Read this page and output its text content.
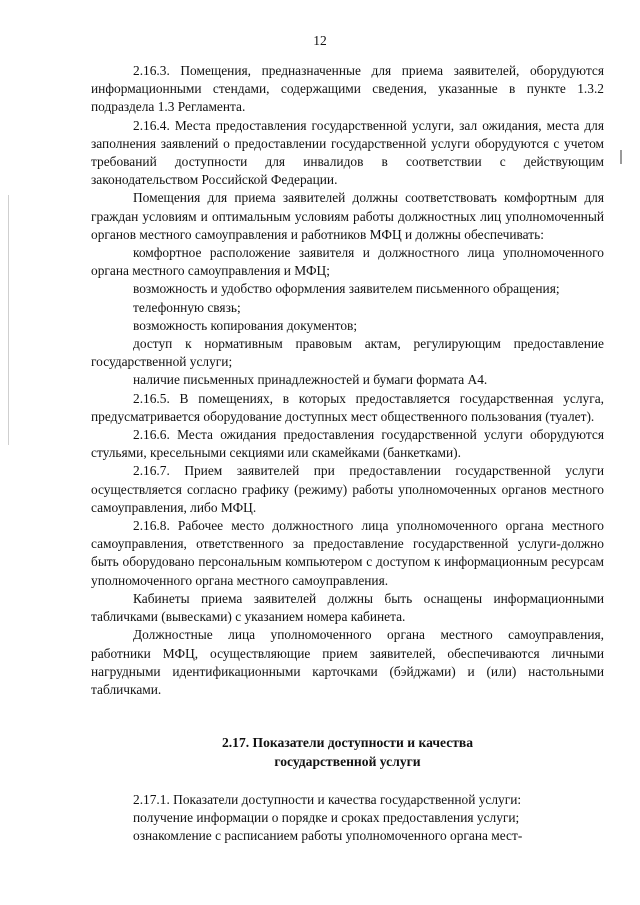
12

2.16.3. Помещения, предназначенные для приема заявителей, оборудуются информационными стендами, содержащими сведения, указанные в пункте 1.3.2 подраздела 1.3 Регламента.

2.16.4. Места предоставления государственной услуги, зал ожидания, места для заполнения заявлений о предоставлении государственной услуги оборудуются с учетом требований доступности для инвалидов в соответствии с действующим законодательством Российской Федерации.

Помещения для приема заявителей должны соответствовать комфортным для граждан условиям и оптимальным условиям работы должностных лиц уполномоченный органов местного самоуправления и работников МФЦ и должны обеспечивать:

комфортное расположение заявителя и должностного лица уполномоченного органа местного самоуправления и МФЦ;

возможность и удобство оформления заявителем письменного обращения;

телефонную связь;

возможность копирования документов;

доступ к нормативным правовым актам, регулирующим предоставление государственной услуги;

наличие письменных принадлежностей и бумаги формата А4.

2.16.5. В помещениях, в которых предоставляется государственная услуга, предусматривается оборудование доступных мест общественного пользования (туалет).

2.16.6. Места ожидания предоставления государственной услуги оборудуются стульями, кресельными секциями или скамейками (банкетками).

2.16.7. Прием заявителей при предоставлении государственной услуги осуществляется согласно графику (режиму) работы уполномоченных органов местного самоуправления, либо МФЦ.

2.16.8. Рабочее место должностного лица уполномоченного органа местного самоуправления, ответственного за предоставление государственной услуги-должно быть оборудовано персональным компьютером с доступом к информационным ресурсам уполномоченного органа местного самоуправления.

Кабинеты приема заявителей должны быть оснащены информационными табличками (вывесками) с указанием номера кабинета.

Должностные лица уполномоченного органа местного самоуправления, работники МФЦ, осуществляющие прием заявителей, обеспечиваются личными нагрудными идентификационными карточками (бэйджами) и (или) настольными табличками.

2.17. Показатели доступности и качества
государственной услуги

2.17.1. Показатели доступности и качества государственной услуги:

получение информации о порядке и сроках предоставления услуги;

ознакомление с расписанием работы уполномоченного органа мест-
